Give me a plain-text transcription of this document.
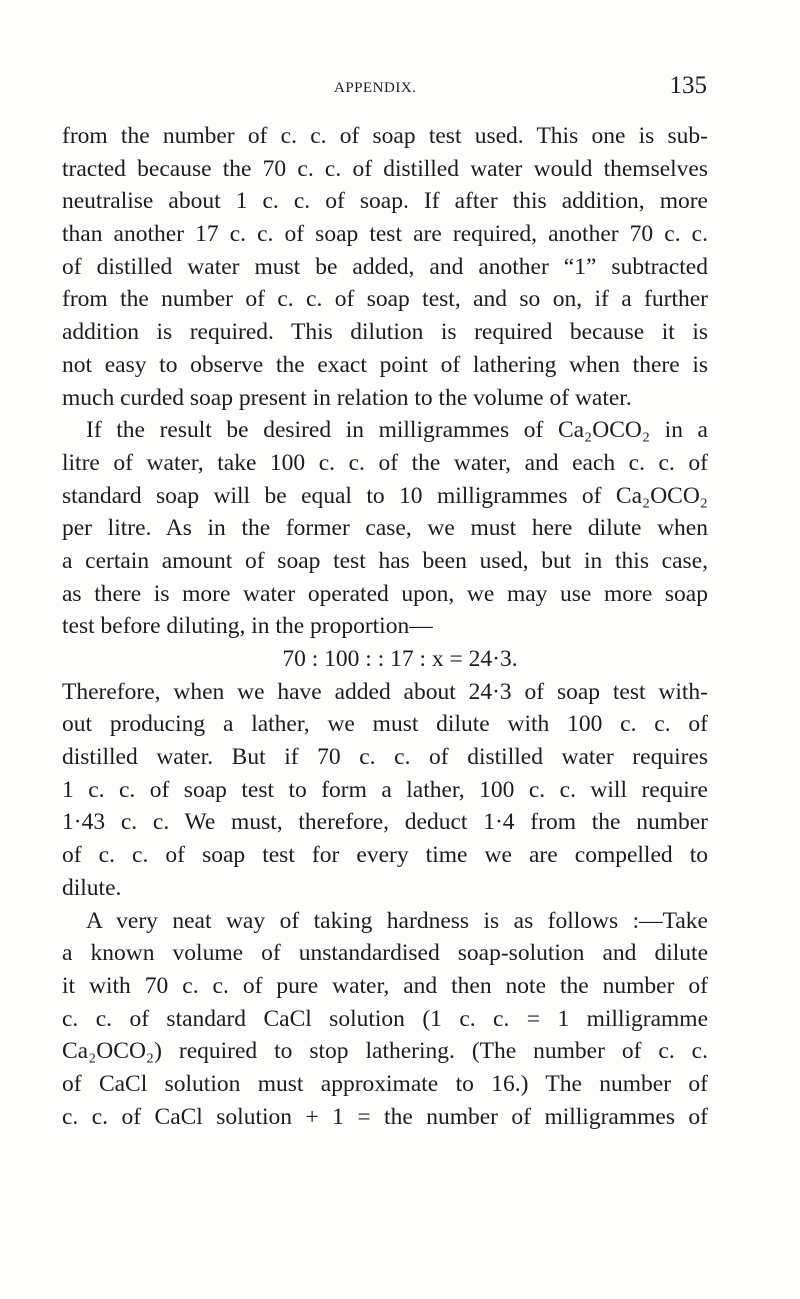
APPENDIX.	135
from the number of c. c. of soap test used. This one is sub-
tracted because the 70 c. c. of distilled water would themselves
neutralise about 1 c. c. of soap. If after this addition, more
than another 17 c. c. of soap test are required, another 70 c. c.
of distilled water must be added, and another “1” subtracted
from the number of c. c. of soap test, and so on, if a further
addition is required. This dilution is required because it is
not easy to observe the exact point of lathering when there is
much curded soap present in relation to the volume of water.
If the result be desired in milligrammes of Ca₂OCO₂ in a
litre of water, take 100 c. c. of the water, and each c. c. of
standard soap will be equal to 10 milligrammes of Ca₂OCO₂
per litre. As in the former case, we must here dilute when
a certain amount of soap test has been used, but in this case,
as there is more water operated upon, we may use more soap
test before diluting, in the proportion—
70 : 100 : : 17 : x = 24·3.
Therefore, when we have added about 24·3 of soap test with-
out producing a lather, we must dilute with 100 c. c. of
distilled water. But if 70 c. c. of distilled water requires
1 c. c. of soap test to form a lather, 100 c. c. will require
1·43 c. c. We must, therefore, deduct 1·4 from the number
of c. c. of soap test for every time we are compelled to
dilute.
A very neat way of taking hardness is as follows :—Take
a known volume of unstandardised soap-solution and dilute
it with 70 c. c. of pure water, and then note the number of
c. c. of standard CaCl solution (1 c. c. = 1 milligramme
Ca₂OCO₂) required to stop lathering. (The number of c. c.
of CaCl solution must approximate to 16.) The number of
c. c. of CaCl solution + 1 = the number of milligrammes of
